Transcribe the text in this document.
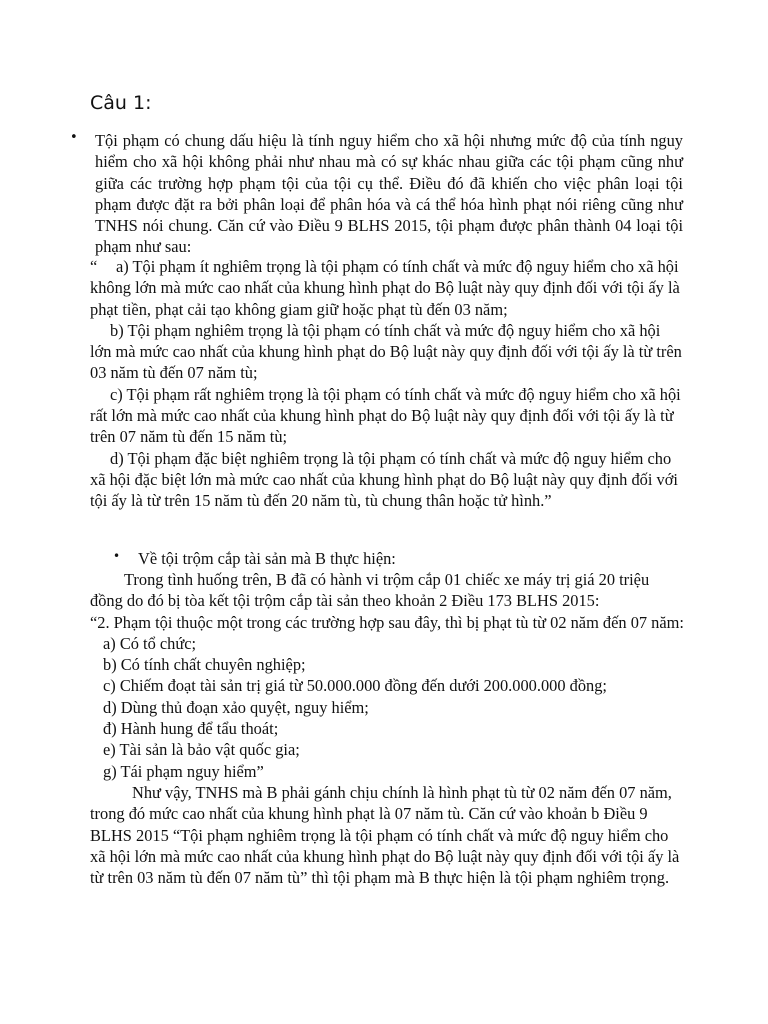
Câu 1:
• Tội phạm có chung dấu hiệu là tính nguy hiểm cho xã hội nhưng mức độ của tính nguy hiểm cho xã hội không phải như nhau mà có sự khác nhau giữa các tội phạm cũng như giữa các trường hợp phạm tội của tội cụ thể. Điều đó đã khiến cho việc phân loại tội phạm được đặt ra bởi phân loại để phân hóa và cá thể hóa hình phạt nói riêng cũng như TNHS nói chung. Căn cứ vào Điều 9 BLHS 2015, tội phạm được phân thành 04 loại tội phạm như sau:

“ a) Tội phạm ít nghiêm trọng là tội phạm có tính chất và mức độ nguy hiểm cho xã hội không lớn mà mức cao nhất của khung hình phạt do Bộ luật này quy định đối với tội ấy là phạt tiền, phạt cải tạo không giam giữ hoặc phạt tù đến 03 năm;

b) Tội phạm nghiêm trọng là tội phạm có tính chất và mức độ nguy hiểm cho xã hội lớn mà mức cao nhất của khung hình phạt do Bộ luật này quy định đối với tội ấy là từ trên 03 năm tù đến 07 năm tù;

c) Tội phạm rất nghiêm trọng là tội phạm có tính chất và mức độ nguy hiểm cho xã hội rất lớn mà mức cao nhất của khung hình phạt do Bộ luật này quy định đối với tội ấy là từ trên 07 năm tù đến 15 năm tù;

d) Tội phạm đặc biệt nghiêm trọng là tội phạm có tính chất và mức độ nguy hiểm cho xã hội đặc biệt lớn mà mức cao nhất của khung hình phạt do Bộ luật này quy định đối với tội ấy là từ trên 15 năm tù đến 20 năm tù, tù chung thân hoặc tử hình.”

• Về tội trộm cắp tài sản mà B thực hiện:

Trong tình huống trên, B đã có hành vi trộm cắp 01 chiếc xe máy trị giá 20 triệu đồng do đó bị tòa kết tội trộm cắp tài sản theo khoản 2 Điều 173 BLHS 2015:

“2. Phạm tội thuộc một trong các trường hợp sau đây, thì bị phạt tù từ 02 năm đến 07 năm:

a) Có tổ chức;

b) Có tính chất chuyên nghiệp;

c) Chiếm đoạt tài sản trị giá từ 50.000.000 đồng đến dưới 200.000.000 đồng;

d) Dùng thủ đoạn xảo quyệt, nguy hiểm;

đ) Hành hung để tẩu thoát;

e) Tài sản là bảo vật quốc gia;

g) Tái phạm nguy hiểm”

Như vậy, TNHS mà B phải gánh chịu chính là hình phạt tù từ 02 năm đến 07 năm, trong đó mức cao nhất của khung hình phạt là 07 năm tù. Căn cứ vào khoản b Điều 9 BLHS 2015 “Tội phạm nghiêm trọng là tội phạm có tính chất và mức độ nguy hiểm cho xã hội lớn mà mức cao nhất của khung hình phạt do Bộ luật này quy định đối với tội ấy là từ trên 03 năm tù đến 07 năm tù” thì tội phạm mà B thực hiện là tội phạm nghiêm trọng.
